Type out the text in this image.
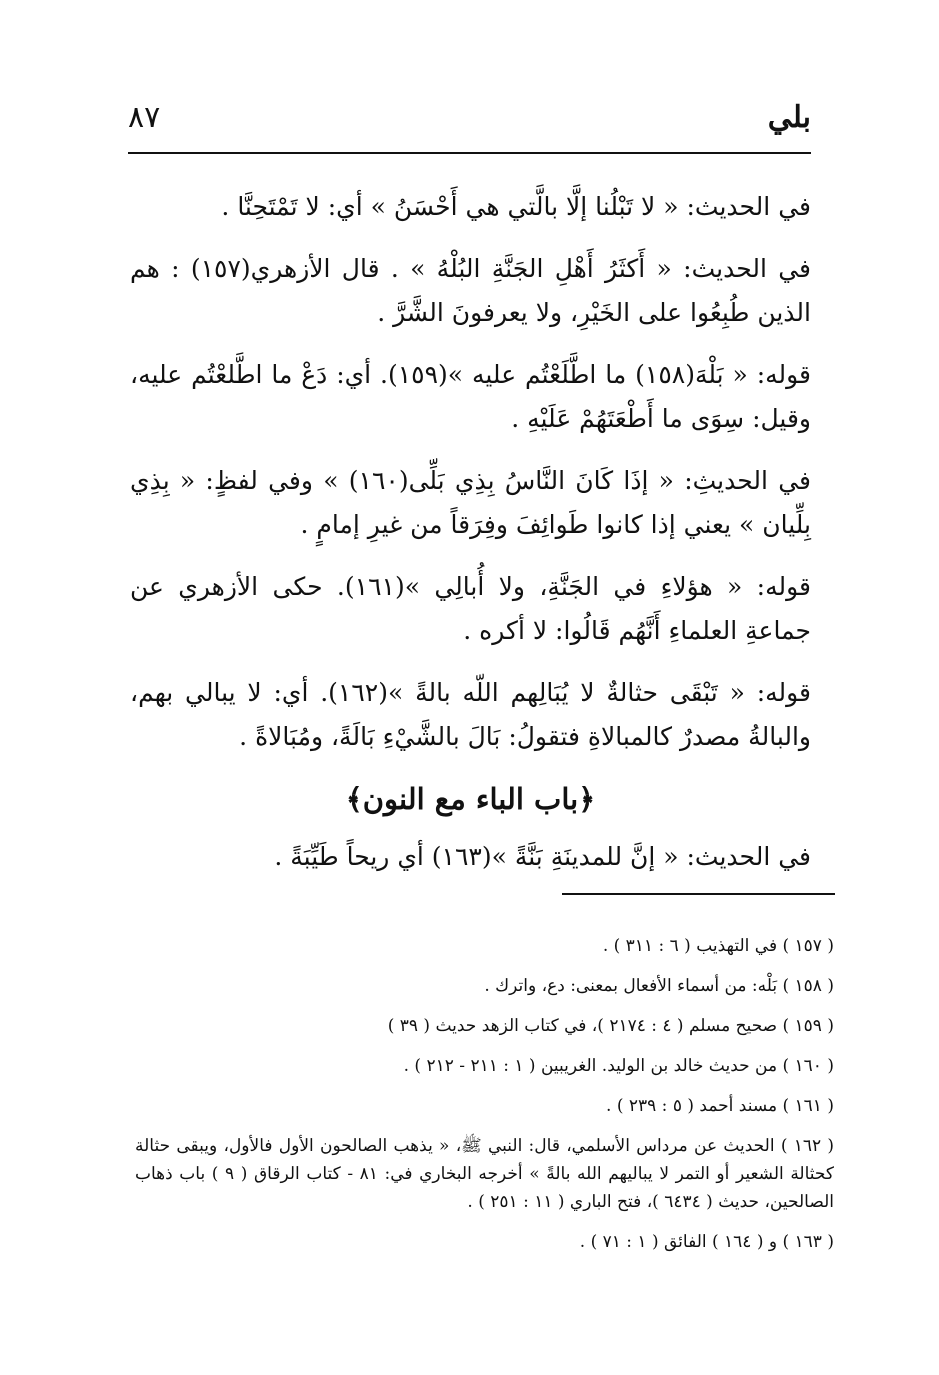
بلي
٨٧

في الحديث: « لا تَبْلُنا إلَّا بالَّتي هي أَحْسَنُ » أي: لا تَمْتَحِنَّا .

في الحديث: « أَكثَرُ أَهْلِ الجَنَّةِ البُلْهُ » . قال الأزهري(١٥٧) : هم الذين طُبِعُوا على الخَيْرِ، ولا يعرفونَ الشَّرَّ .

قوله: « بَلْهَ(١٥٨) ما اطَّلَعْتُم عليه »(١٥٩). أي: دَعْ ما اطَّلعْتُم عليه، وقيل: سِوَى ما أَطْعَتَهُمْ عَلَيْهِ .

في الحديثِ: « إذَا كَانَ النَّاسُ بِذِي بَلِّى(١٦٠) » وفي لفظٍ: « بِذِي بِلِّيان » يعني إذا كانوا طَوائِفَ وفِرَقاً من غيرِ إمامٍ .

قوله: « هؤلاءِ في الجَنَّةِ، ولا أُبالِي »(١٦١). حكى الأزهري عن جماعةِ العلماءِ أَنَّهُم قَالُوا: لا أكره .

قوله: « تَبْقَى حثالةٌ لا يُبَالِهم اللّه بالةً »(١٦٢). أي: لا يبالي بهم، والبالةُ مصدرٌ كالمبالاةِ فتقولُ: بَالَ بالشَّيْءِ بَالَةً، ومُبَالاةً .

﴿باب الباء مع النون﴾

في الحديث: « إنَّ للمدينَةِ بَنَّةً »(١٦٣) أي ريحاً طَيِّبَةً .

( ١٥٧ ) في التهذيب ( ٦ : ٣١١ ) .

( ١٥٨ ) بَلْه: من أسماء الأفعال بمعنى: دع، واترك .

( ١٥٩ ) صحيح مسلم ( ٤ : ٢١٧٤ )، في كتاب الزهد حديث ( ٣٩ )

( ١٦٠ ) من حديث خالد بن الوليد. الغريبين ( ١ : ٢١١ - ٢١٢ ) .

( ١٦١ ) مسند أحمد ( ٥ : ٢٣٩ ) .

( ١٦٢ ) الحديث عن مرداس الأسلمي، قال: النبي ﷺ، « يذهب الصالحون الأول فالأول، ويبقى حثالة كحثالة الشعير أو التمر لا يباليهم الله بالةً » أخرجه البخاري في: ٨١ - كتاب الرقاق ( ٩ ) باب ذهاب الصالحين، حديث ( ٦٤٣٤ )، فتح الباري ( ١١ : ٢٥١ ) .

( ١٦٣ ) و ( ١٦٤ ) الفائق ( ١ : ٧١ ) .
